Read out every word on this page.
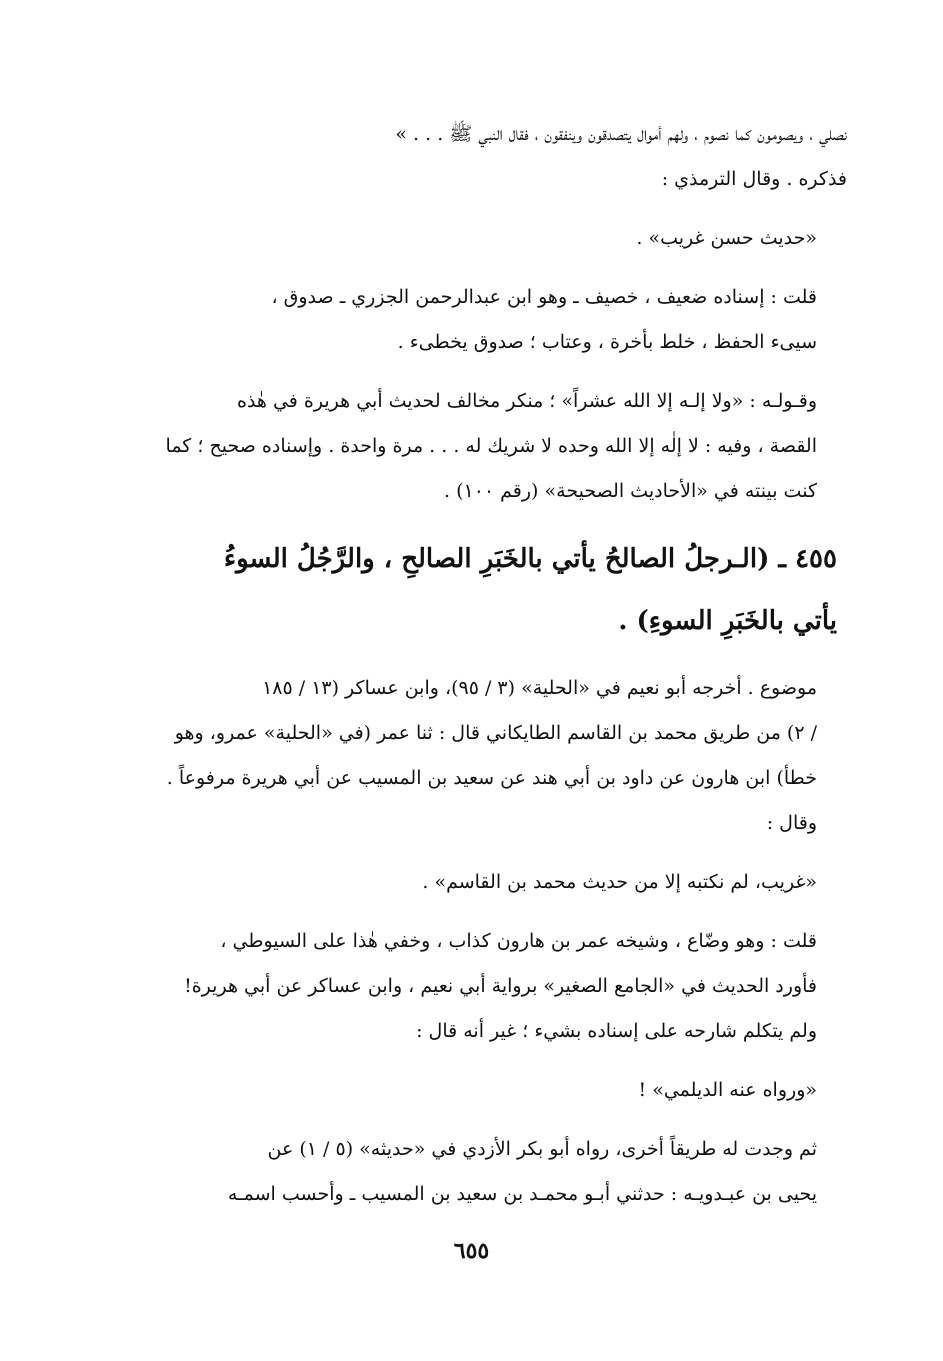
نصلي ، ويصومون كما نصوم ، ولهم أموال يتصدقون وينفقون ، فقال النبي ﷺ . . . »
فذكره . وقال الترمذي :

«حديث حسن غريب» .

قلت : إسناده ضعيف ، خصيف ـ وهو ابن عبدالرحمن الجزري ـ صدوق ،
سيىء الحفظ ، خلط بأخرة ، وعتاب ؛ صدوق يخطىء .

وقـولـه : «ولا إلـه إلا الله عشراً» ؛ منكر مخالف لحديث أبي هريرة في هٰذه
القصة ، وفيه : لا إلٰه إلا الله وحده لا شريك له . . . مرة واحدة . وإسناده صحيح ؛ كما
كنت بينته في «الأحاديث الصحيحة» (رقم ١٠٠) .

٤٥٥ ـ (الـرجلُ الصالحُ يأتي بالخَبَرِ الصالحِ ، والرَّجُلُ السوءُ
يأتي بالخَبَرِ السوءِ) .

موضوع . أخرجه أبو نعيم في «الحلية» (٣ / ٩٥)، وابن عساكر (١٣ / ١٨٥
/ ٢) من طريق محمد بن القاسم الطايكاني قال : ثنا عمر (في «الحلية» عمرو، وهو
خطأ) ابن هارون عن داود بن أبي هند عن سعيد بن المسيب عن أبي هريرة مرفوعاً .
وقال :

«غريب، لم نكتبه إلا من حديث محمد بن القاسم» .

قلت : وهو وضّاع ، وشيخه عمر بن هارون كذاب ، وخفي هٰذا على السيوطي ،
فأورد الحديث في «الجامع الصغير» برواية أبي نعيم ، وابن عساكر عن أبي هريرة!
ولم يتكلم شارحه على إسناده بشيء ؛ غير أنه قال :

«ورواه عنه الديلمي» !

ثم وجدت له طريقاً أخرى، رواه أبو بكر الأزدي في «حديثه» (٥ / ١) عن
يحيى بن عبـدويـه : حدثني أبـو محمـد بن سعيد بن المسيب ـ وأحسب اسمـه

٦٥٥
